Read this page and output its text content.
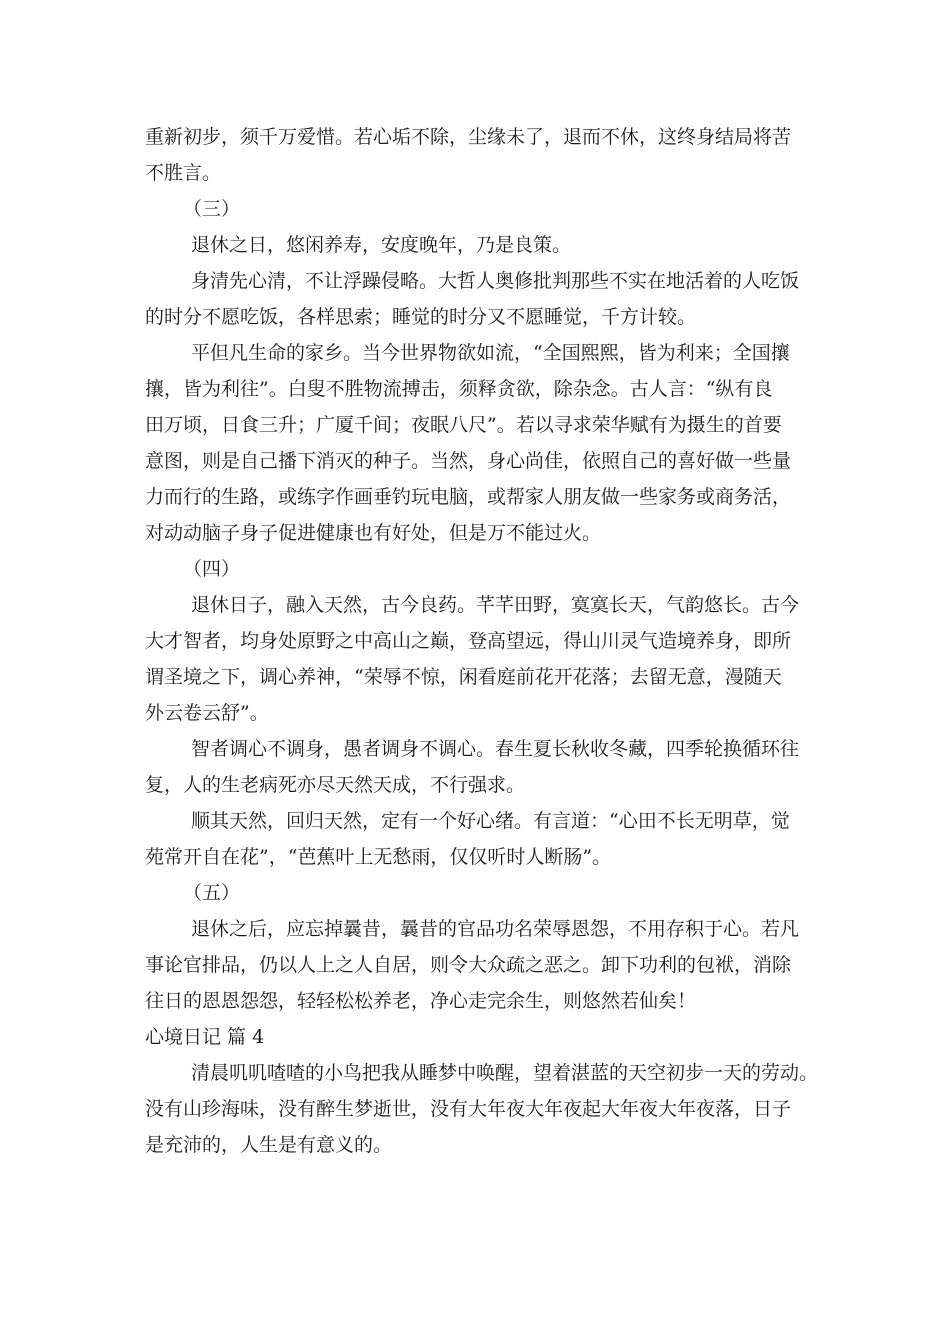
重新初步，须千万爱惜。若心垢不除，尘缘未了，退而不休，这终身结局将苦
不胜言。
（三）
退休之日，悠闲养寿，安度晚年，乃是良策。
身清先心清，不让浮躁侵略。大哲人奥修批判那些不实在地活着的人吃饭
的时分不愿吃饭，各样思索；睡觉的时分又不愿睡觉，千方计较。
平但凡生命的家乡。当今世界物欲如流，“全国熙熙，皆为利来；全国攘
攘，皆为利往”。白叟不胜物流搏击，须释贪欲，除杂念。古人言：“纵有良
田万顷，日食三升；广厦千间；夜眠八尺”。若以寻求荣华赋有为摄生的首要
意图，则是自己播下消灭的种子。当然，身心尚佳，依照自己的喜好做一些量
力而行的生路，或练字作画垂钓玩电脑，或帮家人朋友做一些家务或商务活，
对动动脑子身子促进健康也有好处，但是万不能过火。
（四）
退休日子，融入天然，古今良药。芊芊田野，寞寞长天，气韵悠长。古今
大才智者，均身处原野之中高山之巅，登高望远，得山川灵气造境养身，即所
谓圣境之下，调心养神，“荣辱不惊，闲看庭前花开花落；去留无意，漫随天
外云卷云舒”。
智者调心不调身，愚者调身不调心。春生夏长秋收冬藏，四季轮换循环往
复，人的生老病死亦尽天然天成，不行强求。
顺其天然，回归天然，定有一个好心绪。有言道：“心田不长无明草，觉
苑常开自在花”，“芭蕉叶上无愁雨，仅仅听时人断肠”。
（五）
退休之后，应忘掉曩昔，曩昔的官品功名荣辱恩怨，不用存积于心。若凡
事论官排品，仍以人上之人自居，则令大众疏之恶之。卸下功利的包袱，消除
往日的恩恩怨怨，轻轻松松养老，净心走完余生，则悠然若仙矣！
心境日记 篇 4
清晨叽叽喳喳的小鸟把我从睡梦中唤醒，望着湛蓝的天空初步一天的劳动。
没有山珍海味，没有醉生梦逝世，没有大年夜大年夜起大年夜大年夜落，日子
是充沛的，人生是有意义的。
